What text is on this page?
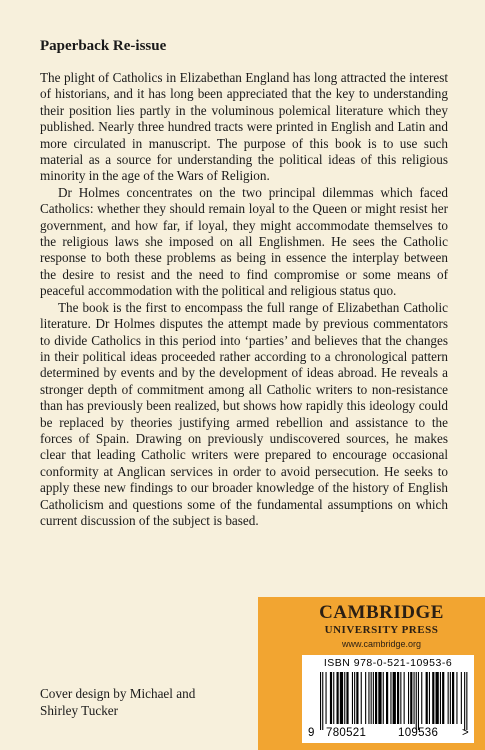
Paperback Re-issue

The plight of Catholics in Elizabethan England has long attracted the interest of historians, and it has long been appreciated that the key to understanding their position lies partly in the voluminous polemical literature which they published. Nearly three hundred tracts were printed in English and Latin and more circulated in manuscript. The purpose of this book is to use such material as a source for understanding the political ideas of this religious minority in the age of the Wars of Religion.

Dr Holmes concentrates on the two principal dilemmas which faced Catholics: whether they should remain loyal to the Queen or might resist her government, and how far, if loyal, they might accommodate themselves to the religious laws she imposed on all Englishmen. He sees the Catholic response to both these problems as being in essence the interplay between the desire to resist and the need to find compromise or some means of peaceful accommodation with the political and religious status quo.

The book is the first to encompass the full range of Elizabethan Catholic literature. Dr Holmes disputes the attempt made by previous commentators to divide Catholics in this period into ‘parties’ and believes that the changes in their political ideas proceeded rather according to a chronological pattern determined by events and by the development of ideas abroad. He reveals a stronger depth of commitment among all Catholic writers to non-resistance than has previously been realized, but shows how rapidly this ideology could be replaced by theories justifying armed rebellion and assistance to the forces of Spain. Drawing on previously undiscovered sources, he makes clear that leading Catholic writers were prepared to encourage occasional conformity at Anglican services in order to avoid persecution. He seeks to apply these new findings to our broader knowledge of the history of English Catholicism and questions some of the fundamental assumptions on which current discussion of the subject is based.

Cover design by Michael and
Shirley Tucker
CAMBRIDGE
UNIVERSITY PRESS
www.cambridge.org
ISBN 978-0-521-10953-6
9 780521	109536 >
